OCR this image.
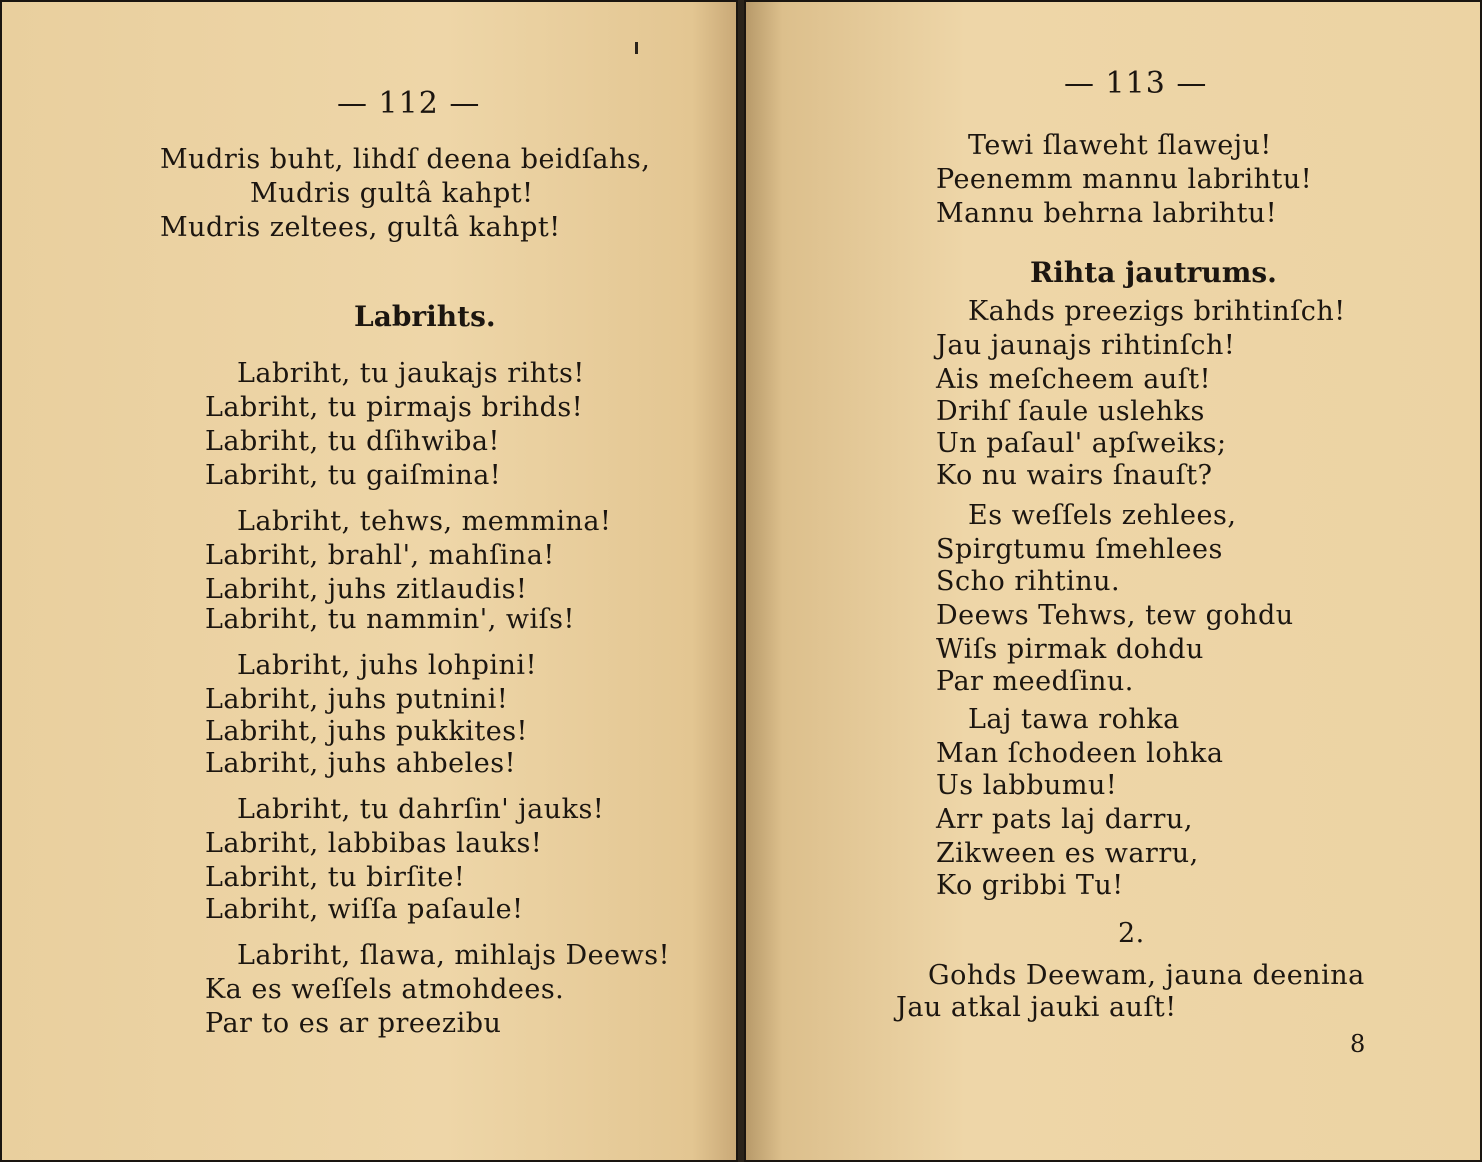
— 112 —
Mudris buht, lihdſ deena beidſahs,
Mudris gultâ kahpt!
Mudris zeltees, gultâ kahpt!
Labrihts.
Labriht, tu jaukajs rihts!
Labriht, tu pirmajs brihds!
Labriht, tu dſihwiba!
Labriht, tu gaiſmina!
Labriht, tehws, memmina!
Labriht, brahl', mahſina!
Labriht, juhs zitlaudis!
Labriht, tu nammin', wiſs!
Labriht, juhs lohpini!
Labriht, juhs putnini!
Labriht, juhs pukkites!
Labriht, juhs ahbeles!
Labriht, tu dahrſin' jauks!
Labriht, labbibas lauks!
Labriht, tu birſite!
Labriht, wiſſa paſaule!
Labriht, ſlawa, mihlajs Deews!
Ka es weſſels atmohdees.
Par to es ar preezibu
— 113 —
Tewi ſlaweht ſlaweju!
Peenemm mannu labrihtu!
Mannu behrna labrihtu!
Rihta jautrums.
Kahds preezigs brihtinſch!
Jau jaunajs rihtinſch!
Ais meſcheem auſt!
Drihſ ſaule uslehks
Un paſaul' apſweiks;
Ko nu wairs ſnauſt?
Es weſſels zehlees,
Spirgtumu ſmehlees
Scho rihtinu.
Deews Tehws, tew gohdu
Wiſs pirmak dohdu
Par meedſinu.
Laj tawa rohka
Man ſchodeen lohka
Us labbumu!
Arr pats laj darru,
Zikween es warru,
Ko gribbi Tu!
2.
Gohds Deewam, jauna deenina
Jau atkal jauki auſt!
8
